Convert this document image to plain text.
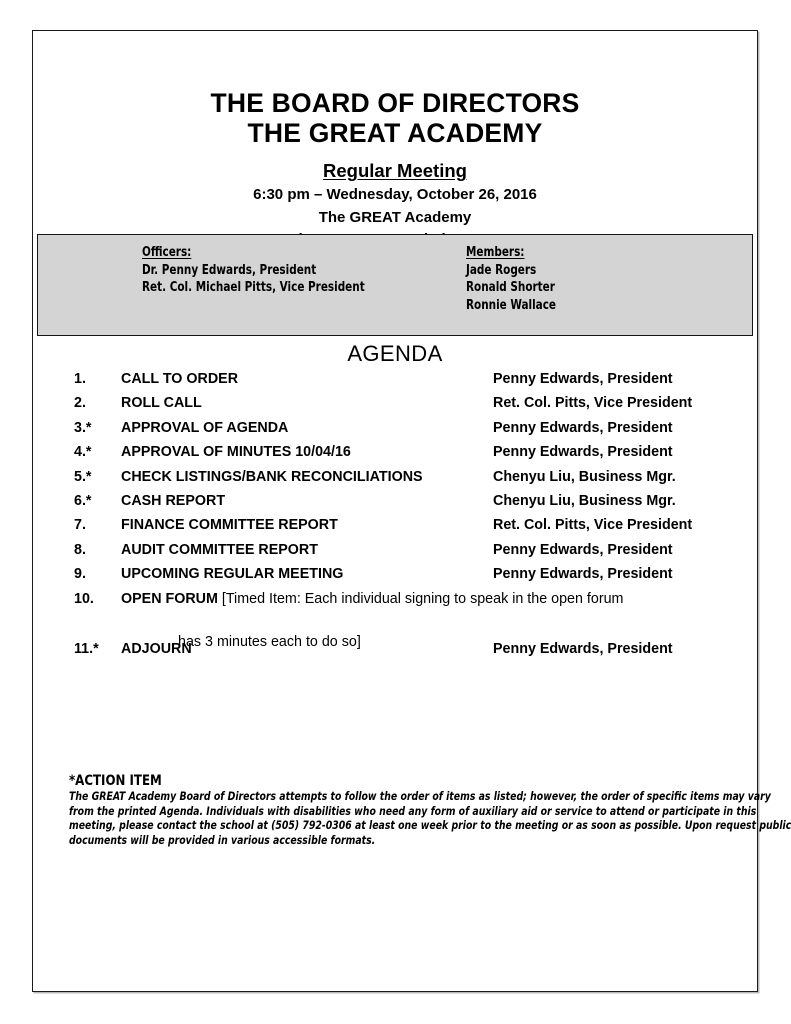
THE BOARD OF DIRECTORS
THE GREAT ACADEMY
Regular Meeting
6:30 pm – Wednesday, October 26, 2016
The GREAT Academy
Officers:
Dr. Penny Edwards, President
Ret. Col. Michael Pitts, Vice President
Members:
Jade Rogers
Ronald Shorter
Ronnie Wallace
AGENDA
1. CALL TO ORDER	Penny Edwards, President
2. ROLL CALL	Ret. Col. Pitts, Vice President
3.* APPROVAL OF AGENDA	Penny Edwards, President
4.* APPROVAL OF MINUTES 10/04/16	Penny Edwards, President
5.* CHECK LISTINGS/BANK RECONCILIATIONS	Chenyu Liu, Business Mgr.
6.* CASH REPORT	Chenyu Liu, Business Mgr.
7. FINANCE COMMITTEE REPORT	Ret. Col. Pitts, Vice President
8. AUDIT COMMITTEE REPORT	Penny Edwards, President
9. UPCOMING REGULAR MEETING	Penny Edwards, President
10. OPEN FORUM [Timed Item: Each individual signing to speak in the open forum
has 3 minutes each to do so]
11.* ADJOURN	Penny Edwards, President
*ACTION ITEM
The GREAT Academy Board of Directors attempts to follow the order of items as listed; however, the order of specific items may vary from the printed Agenda. Individuals with disabilities who need any form of auxiliary aid or service to attend or participate in this meeting, please contact the school at (505) 792-0306 at least one week prior to the meeting or as soon as possible. Upon request public documents will be provided in various accessible formats.
